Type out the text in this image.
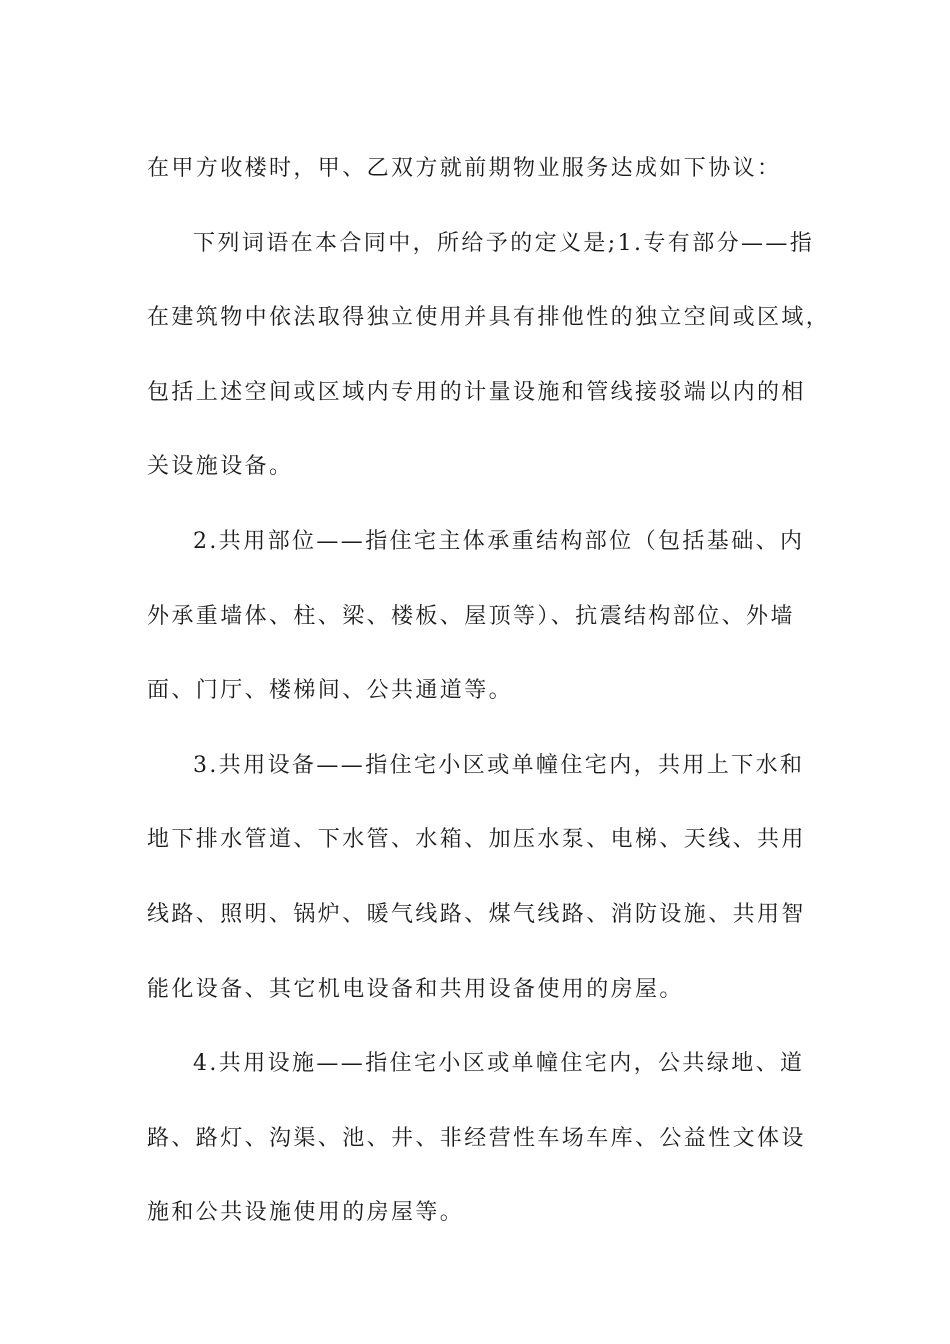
在甲方收楼时，甲、乙双方就前期物业服务达成如下协议：
下列词语在本合同中，所给予的定义是;1.专有部分——指
在建筑物中依法取得独立使用并具有排他性的独立空间或区域，
包括上述空间或区域内专用的计量设施和管线接驳端以内的相
关设施设备。
2.共用部位——指住宅主体承重结构部位（包括基础、内
外承重墙体、柱、梁、楼板、屋顶等）、抗震结构部位、外墙
面、门厅、楼梯间、公共通道等。
3.共用设备——指住宅小区或单幢住宅内，共用上下水和
地下排水管道、下水管、水箱、加压水泵、电梯、天线、共用
线路、照明、锅炉、暖气线路、煤气线路、消防设施、共用智
能化设备、其它机电设备和共用设备使用的房屋。
4.共用设施——指住宅小区或单幢住宅内，公共绿地、道
路、路灯、沟渠、池、井、非经营性车场车库、公益性文体设
施和公共设施使用的房屋等。
